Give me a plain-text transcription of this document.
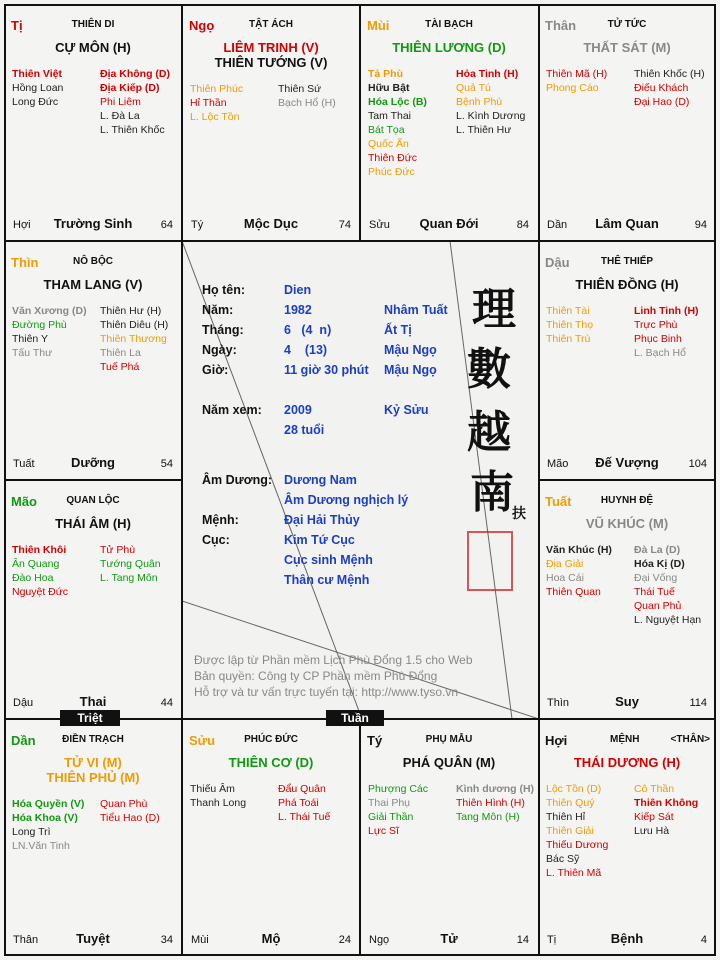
Họ tên:	Dien
Năm:	1982	Nhâm Tuất
Tháng:	6   (4  n)	Ất Tị
Ngày:	4    (13)	Mậu Ngọ
Giờ:	11 giờ 30 phút Mậu Ngọ
Năm xem: 2009	Kỷ Sửu
28 tuổi
Âm Dương: Dương Nam
Âm Dương nghịch lý
Mệnh:	Đại Hải Thủy
Cục:	Kim Tứ Cục
Cục sinh Mệnh
Thân cư Mệnh
理
數
越
南
扶
Được lập từ Phần mềm Lịch Phù Đổng 1.5 cho Web
Bản quyền: Công ty CP Phần mềm Phù Đổng
Hỗ trợ và tư vấn trực tuyến tại: http://www.tyso.vn
Tị	THIÊN DI
CỰ MÔN (H)
Thiên Việt
Hồng Loan
Long Đức
Địa Không (D)
Địa Kiếp (D)
Phi Liêm
L. Đà La
L. Thiên Khốc
Hợi	Trường Sinh	64
Ngọ	TẬT ÁCH
LIÊM TRINH (V)
THIÊN TƯỚNG (V)
Thiên Phúc
Hỉ Thần
L. Lộc Tồn
Thiên Sứ
Bạch Hổ (H)
Tý	Mộc Dục	74
Mùi	TÀI BẠCH
THIÊN LƯƠNG (D)
Tả Phù
Hữu Bật
Hóa Lộc (B)
Tam Thai
Bát Tọa
Quốc Ấn
Thiên Đức
Phúc Đức
Hỏa Tinh (H)
Quả Tú
Bệnh Phù
L. Kình Dương
L. Thiên Hư
Sửu	Quan Đới	84
Thân	TỬ TỨC
THẤT SÁT (M)
Thiên Mã (H)
Phong Cáo
Thiên Khốc (H)
Điếu Khách
Đại Hao (D)
Dần	Lâm Quan	94
Thìn	NÔ BỘC
THAM LANG (V)
Văn Xương (D)
Đường Phù
Thiên Y
Tấu Thư
Thiên Hư (H)
Thiên Diêu (H)
Thiên Thương
Thiên La
Tuế Phá
Tuất	Dưỡng	54
Dậu	THÊ THIẾP
THIÊN ĐỒNG (H)
Thiên Tài
Thiên Thọ
Thiên Trù
Linh Tinh (H)
Trực Phù
Phục Binh
L. Bạch Hổ
Mão	Đế Vượng	104
Mão	QUAN LỘC
THÁI ÂM (H)
Thiên Khôi
Ân Quang
Đào Hoa
Nguyệt Đức
Tử Phù
Tướng Quân
L. Tang Môn
Dậu	Thai	44
Tuất	HUYNH ĐỆ
VŨ KHÚC (M)
Văn Khúc (H)
Địa Giải
Hoa Cái
Thiên Quan
Đà La (D)
Hóa Kị (D)
Đại Vống
Thái Tuế
Quan Phủ
L. Nguyệt Hạn
Thìn	Suy	114
Dần	ĐIỀN TRẠCH
TỬ VI (M)
THIÊN PHỦ (M)
Hóa Quyền (V)
Hóa Khoa (V)
Long Trì
LN.Văn Tinh
Quan Phù
Tiểu Hao (D)
Thân	Tuyệt	34
Sửu	PHÚC ĐỨC
THIÊN CƠ (D)
Thiếu Âm
Thanh Long
Đẩu Quân
Phá Toái
L. Thái Tuế
Mùi	Mộ	24
Tý	PHỤ MẪU
PHÁ QUÂN (M)
Phượng Các
Thai Phụ
Giải Thần
Lực Sĩ
Kình dương (H)
Thiên Hình (H)
Tang Môn (H)
Ngọ	Tử	14
Hợi	MỆNH	<THÂN>
THÁI DƯƠNG (H)
Lộc Tồn (D)
Thiên Quý
Thiên Hỉ
Thiên Giải
Thiếu Dương
Bác Sỹ
L. Thiên Mã
Cô Thần
Thiên Không
Kiếp Sát
Lưu Hà
Tị	Bệnh	4
Triệt	Tuần
